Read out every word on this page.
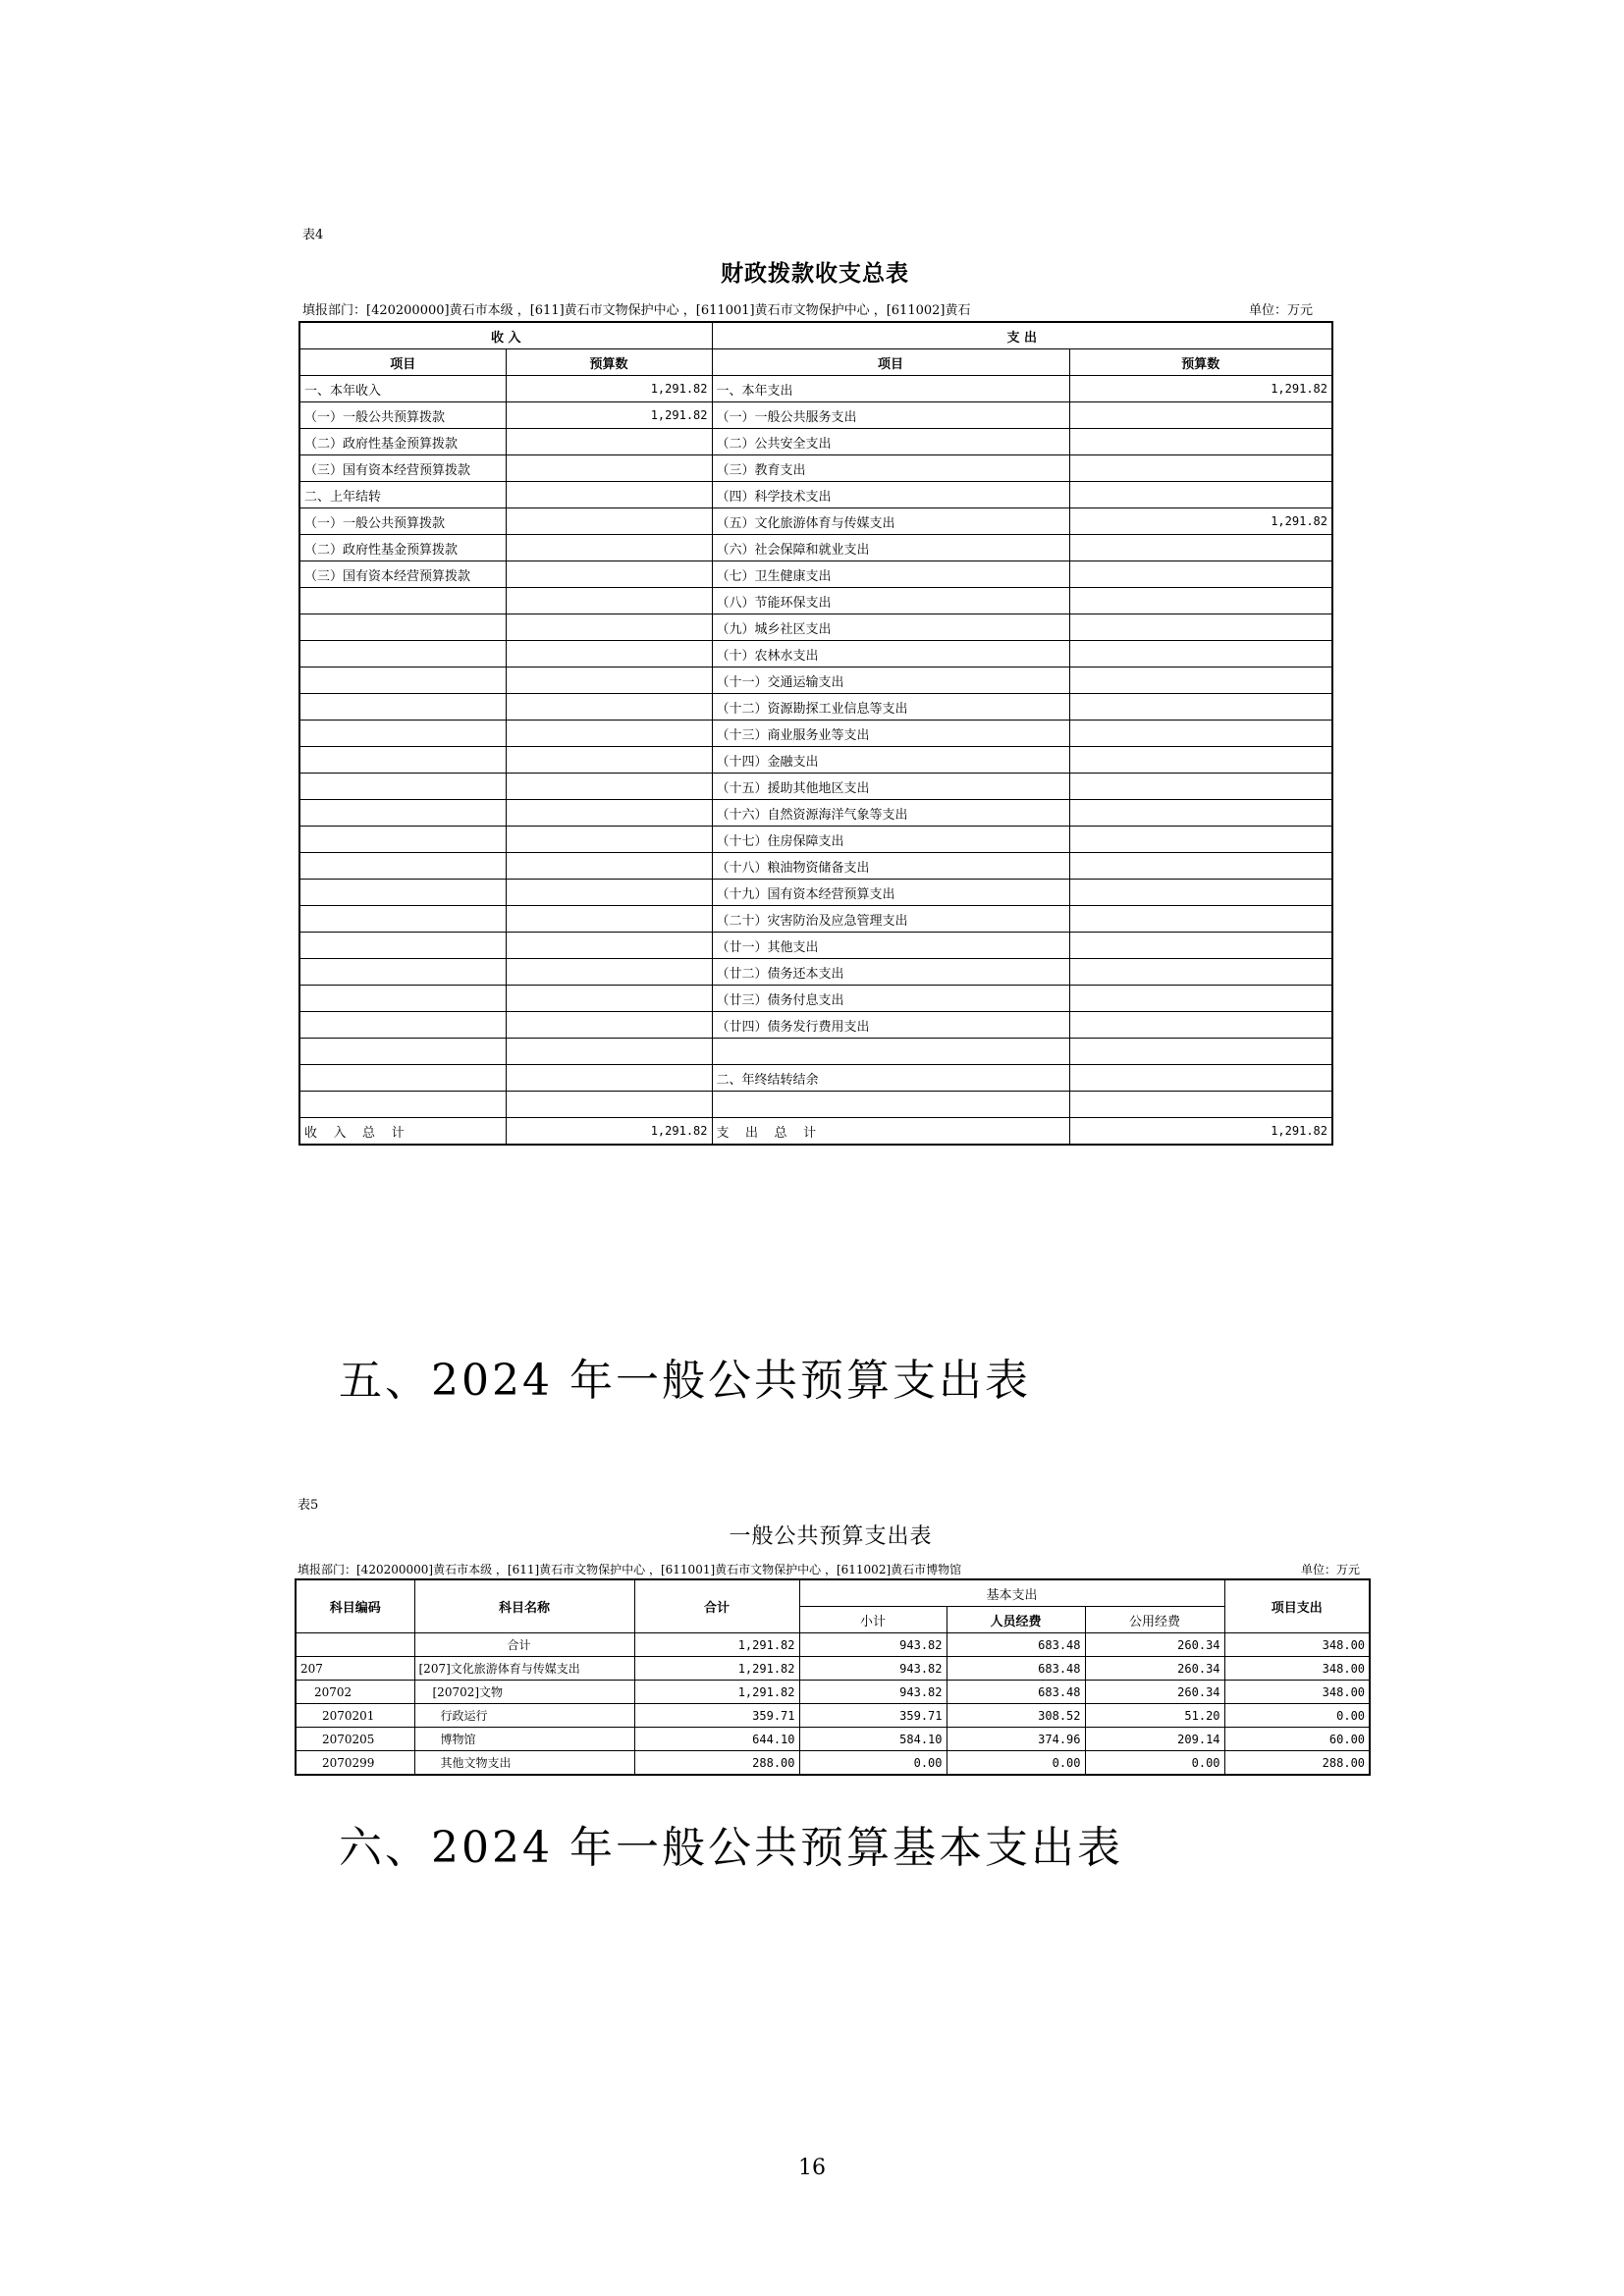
表4
财政拨款收支总表
填报部门：[420200000]黄石市本级 ，[611]黄石市文物保护中心 ，[611001]黄石市文物保护中心 ，[611002]黄石	单位：万元
收 入		支 出	
项目	预算数	项目	预算数
一、本年收入	1,291.82	一、本年支出	1,291.82
（一）一般公共预算拨款	1,291.82	（一）一般公共服务支出	
（二）政府性基金预算拨款		（二）公共安全支出	
（三）国有资本经营预算拨款		（三）教育支出	
二、上年结转		（四）科学技术支出	
（一）一般公共预算拨款		（五）文化旅游体育与传媒支出	1,291.82
（二）政府性基金预算拨款		（六）社会保障和就业支出	
（三）国有资本经营预算拨款		（七）卫生健康支出	
		（八）节能环保支出	
		（九）城乡社区支出	
		（十）农林水支出	
		（十一）交通运输支出	
		（十二）资源勘探工业信息等支出	
		（十三）商业服务业等支出	
		（十四）金融支出	
		（十五）援助其他地区支出	
		（十六）自然资源海洋气象等支出	
		（十七）住房保障支出	
		（十八）粮油物资储备支出	
		（十九）国有资本经营预算支出	
		（二十）灾害防治及应急管理支出	
		（廿一）其他支出	
		（廿二）债务还本支出	
		（廿三）债务付息支出	
		（廿四）债务发行费用支出	

		二、年终结转结余	

收    入    总    计	1,291.82	支    出    总    计	1,291.82
五、2024 年一般公共预算支出表
表5
一般公共预算支出表
填报部门：[420200000]黄石市本级 ，[611]黄石市文物保护中心 ，[611001]黄石市文物保护中心 ，[611002]黄石市博物馆	单位：万元
科目编码	科目名称	合计	基本支出			项目支出
			小计	人员经费	公用经费	
	合计	1,291.82	943.82	683.48	260.34	348.00
207	[207]文化旅游体育与传媒支出	1,291.82	943.82	683.48	260.34	348.00
20702	[20702]文物	1,291.82	943.82	683.48	260.34	348.00
2070201	行政运行	359.71	359.71	308.52	51.20	0.00
2070205	博物馆	644.10	584.10	374.96	209.14	60.00
2070299	其他文物支出	288.00	0.00	0.00	0.00	288.00
六、2024 年一般公共预算基本支出表
16
